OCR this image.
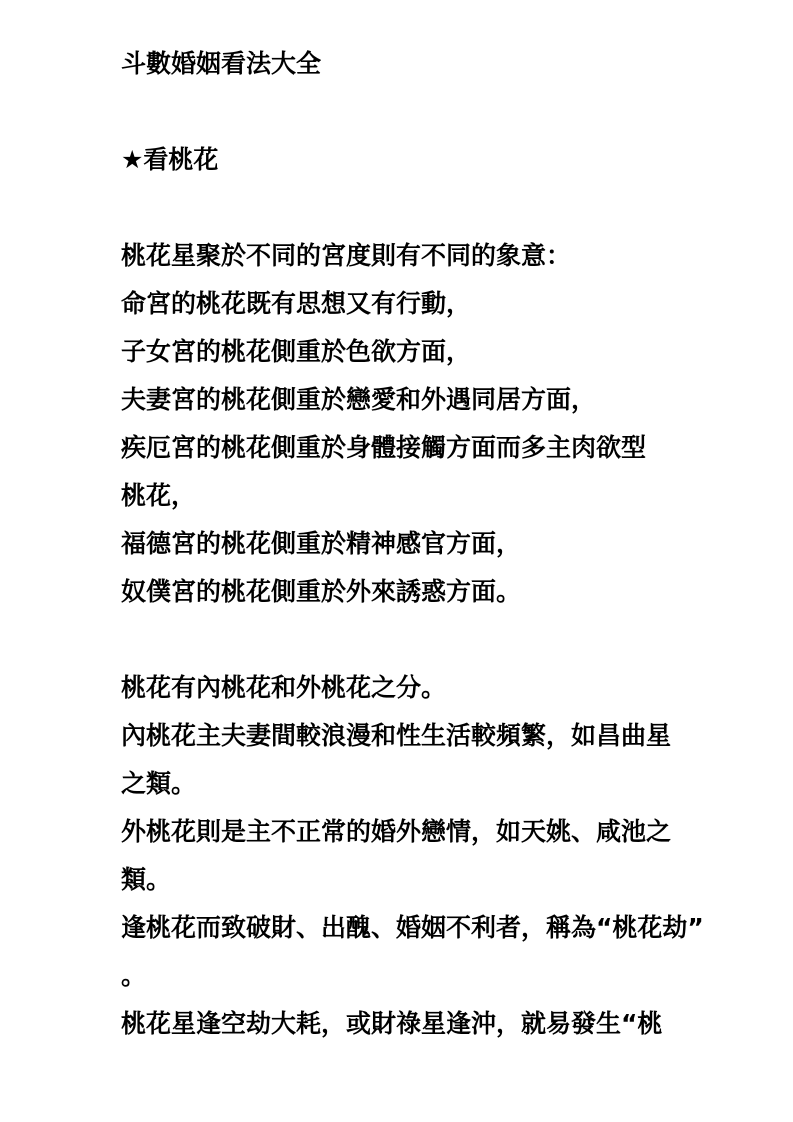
斗數婚姻看法大全

★看桃花

桃花星聚於不同的宮度則有不同的象意：

命宮的桃花既有思想又有行動，

子女宮的桃花側重於色欲方面，

夫妻宮的桃花側重於戀愛和外遇同居方面，

疾厄宮的桃花側重於身體接觸方面而多主肉欲型

桃花，

福德宮的桃花側重於精神感官方面，

奴僕宮的桃花側重於外來誘惑方面。

桃花有內桃花和外桃花之分。

內桃花主夫妻間較浪漫和性生活較頻繁，如昌曲星

之類。

外桃花則是主不正常的婚外戀情，如天姚、咸池之

類。

逢桃花而致破財、出醜、婚姻不利者，稱為“桃花劫”

。

桃花星逢空劫大耗，或財祿星逢沖，就易發生“桃
